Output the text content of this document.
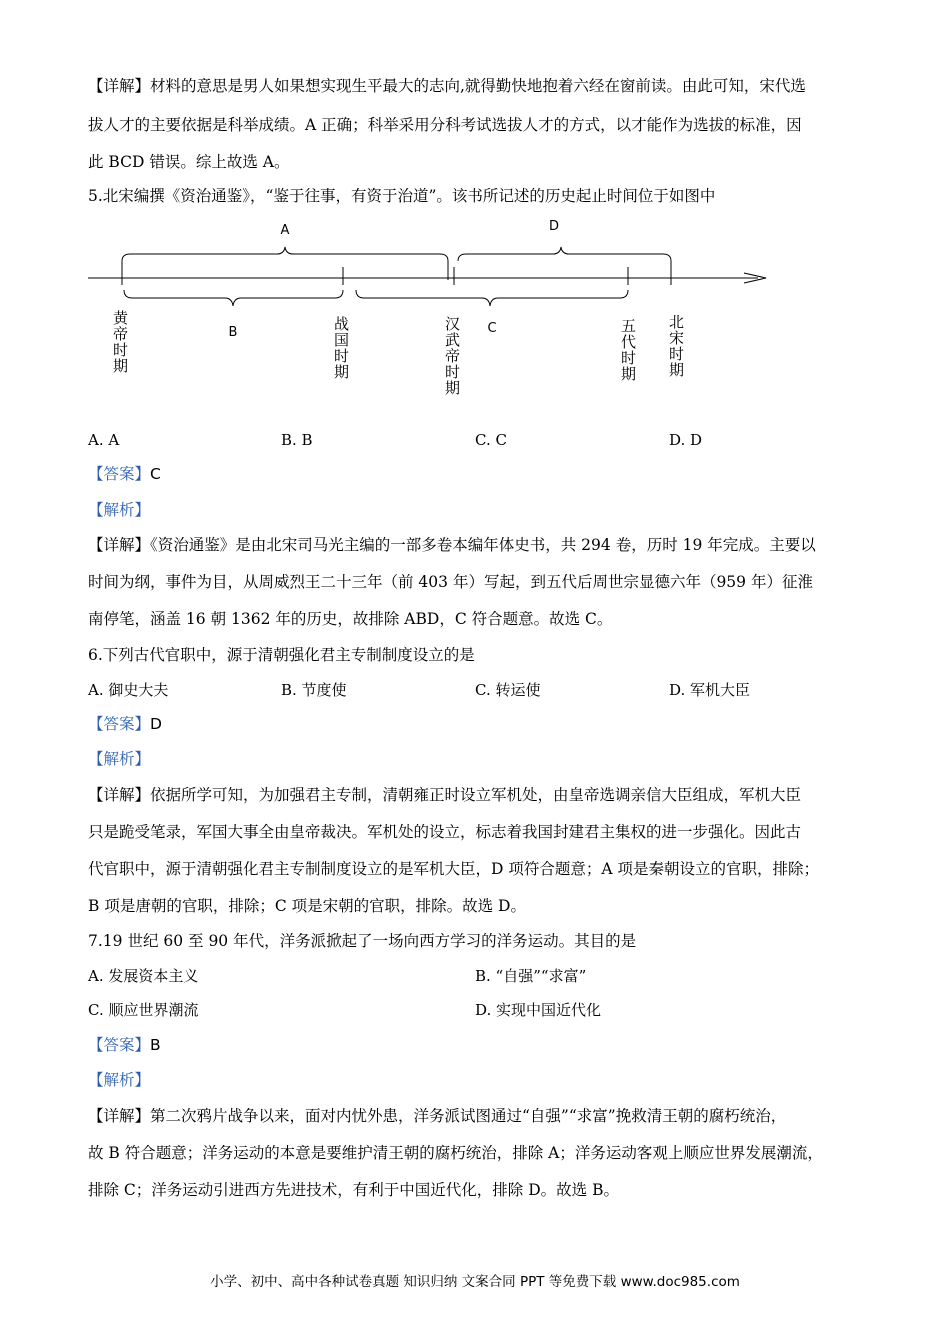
【详解】材料的意思是男人如果想实现生平最大的志向,就得勤快地抱着六经在窗前读。由此可知，宋代选
拔人才的主要依据是科举成绩。A 正确；科举采用分科考试选拔人才的方式，以才能作为选拔的标准，因
此 BCD 错误。综上故选 A。
5.北宋编撰《资治通鉴》，“鉴于往事，有资于治道”。该书所记述的历史起止时间位于如图中
A	D
B	C
黄帝时期	战国时期	汉武帝时期	五代时期 北宋时期
A. A	B. B	C. C	D. D
【答案】C
【解析】
【详解】《资治通鉴》是由北宋司马光主编的一部多卷本编年体史书，共 294 卷，历时 19 年完成。主要以
时间为纲，事件为目，从周威烈王二十三年（前 403 年）写起，到五代后周世宗显德六年（959 年）征淮
南停笔，涵盖 16 朝 1362 年的历史，故排除 ABD，C 符合题意。故选 C。
6.下列古代官职中，源于清朝强化君主专制制度设立的是
A. 御史大夫	B. 节度使	C. 转运使	D. 军机大臣
【答案】D
【解析】
【详解】依据所学可知，为加强君主专制，清朝雍正时设立军机处，由皇帝选调亲信大臣组成，军机大臣
只是跪受笔录，军国大事全由皇帝裁决。军机处的设立，标志着我国封建君主集权的进一步强化。因此古
代官职中，源于清朝强化君主专制制度设立的是军机大臣，D 项符合题意；A 项是秦朝设立的官职，排除；
B 项是唐朝的官职，排除；C 项是宋朝的官职，排除。故选 D。
7.19 世纪 60 至 90 年代，洋务派掀起了一场向西方学习的洋务运动。其目的是
A. 发展资本主义	B. “自强”“求富”
C. 顺应世界潮流	D. 实现中国近代化
【答案】B
【解析】
【详解】第二次鸦片战争以来，面对内忧外患，洋务派试图通过“自强”“求富”挽救清王朝的腐朽统治，
故 B 符合题意；洋务运动的本意是要维护清王朝的腐朽统治，排除 A；洋务运动客观上顺应世界发展潮流，
排除 C；洋务运动引进西方先进技术，有利于中国近代化，排除 D。故选 B。
小学、初中、高中各种试卷真题 知识归纳 文案合同 PPT 等免费下载 www.doc985.com
